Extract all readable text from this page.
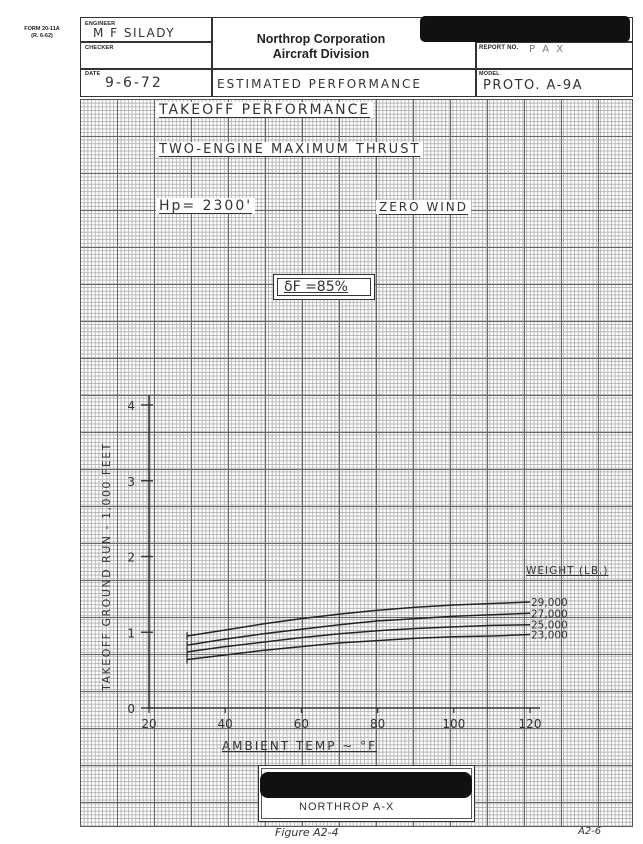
FORM 20-11A
(R. 6-62)
ENGINEER
M F SILADY
CHECKER
Northrop Corporation
Aircraft Division	REPORT NO. P A X
DATE
9-6-72	ESTIMATED PERFORMANCE
MODEL
PROTO. A-9A
TAKEOFF PERFORMANCE
TWO-ENGINE MAXIMUM THRUST
Hp= 2300'	ZERO WIND
δF =85%
0
1
2
3
4
20	40	60	80	100	120
AMBIENT TEMP ~ °F
TAKEOFF GROUND RUN - 1,000 FEET	29,000
27,000
25,000
23,000
WEIGHT (LB.)
NORTHROP A-X
Figure A2-4	A2-6
